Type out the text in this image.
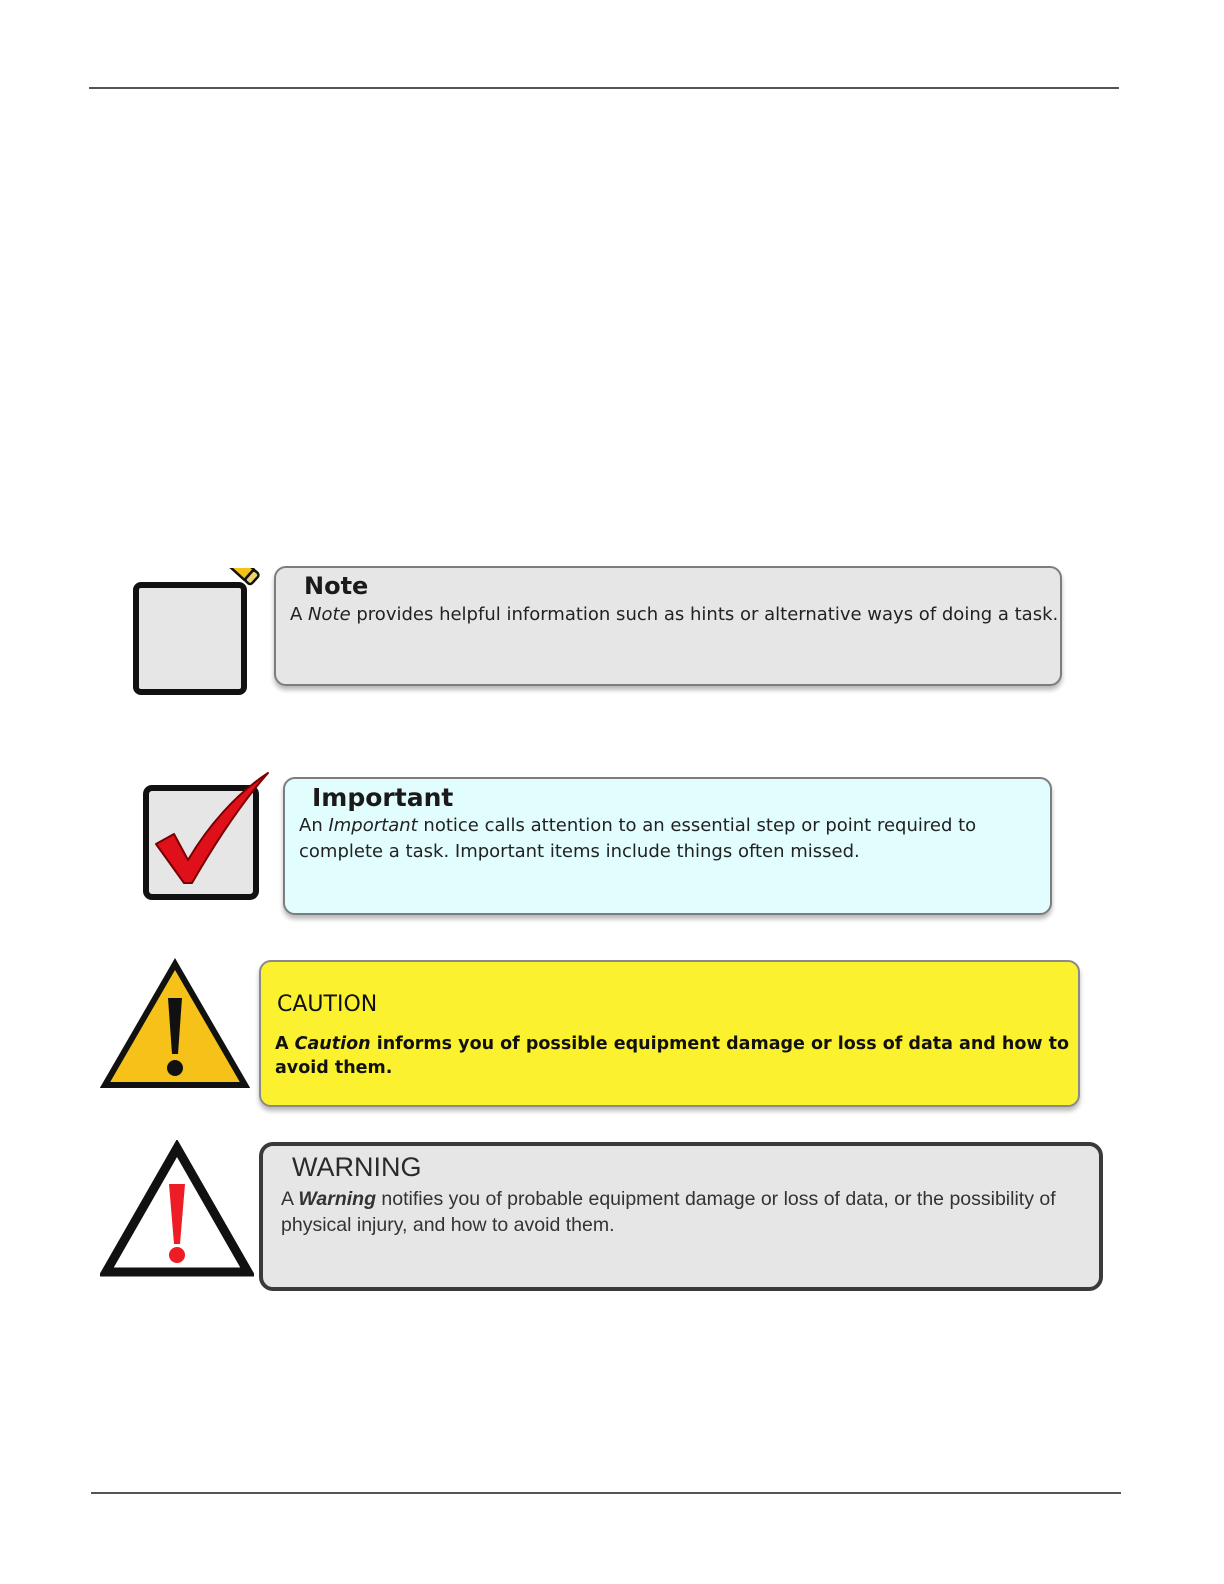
Note

A Note provides helpful information such as hints or alternative ways of doing a task.

Important

An Important notice calls attention to an essential step or point required to complete a task. Important items include things often missed.

CAUTION

A Caution informs you of possible equipment damage or loss of data and how to avoid them.

WARNING

A Warning notifies you of probable equipment damage or loss of data, or the possibility of physical injury, and how to avoid them.
